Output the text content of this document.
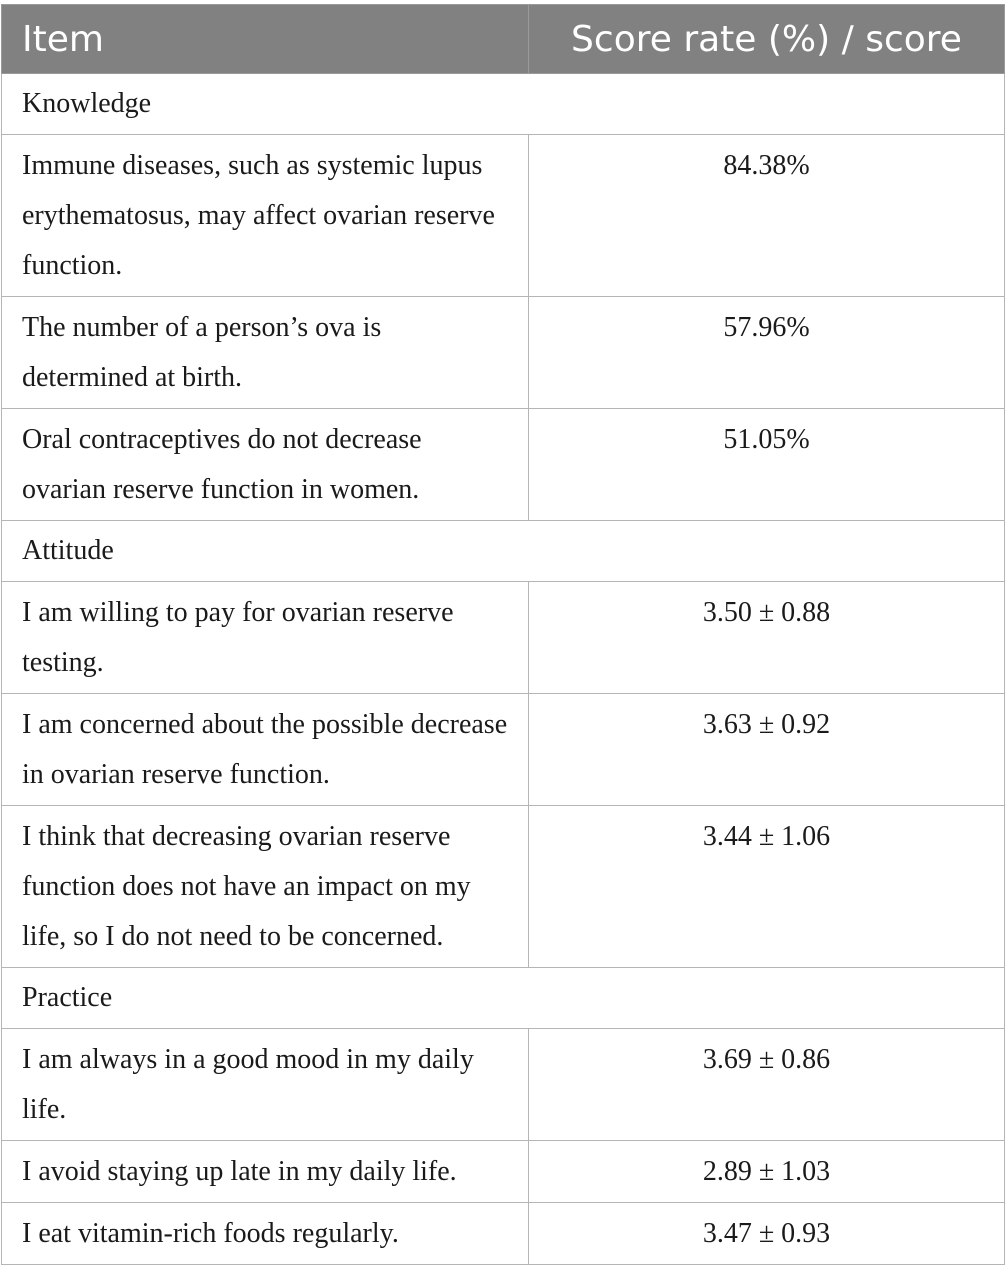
Item	Score rate (%) / score
Knowledge	
Immune diseases, such as systemic lupus erythematosus, may affect ovarian reserve function.	84.38%
The number of a person’s ova is determined at birth.	57.96%
Oral contraceptives do not decrease ovarian reserve function in women.	51.05%
Attitude	
I am willing to pay for ovarian reserve testing.	3.50 ± 0.88
I am concerned about the possible decrease in ovarian reserve function.	3.63 ± 0.92
I think that decreasing ovarian reserve function does not have an impact on my life, so I do not need to be concerned.	3.44 ± 1.06
Practice	
I am always in a good mood in my daily life.	3.69 ± 0.86
I avoid staying up late in my daily life.	2.89 ± 1.03
I eat vitamin-rich foods regularly.	3.47 ± 0.93
